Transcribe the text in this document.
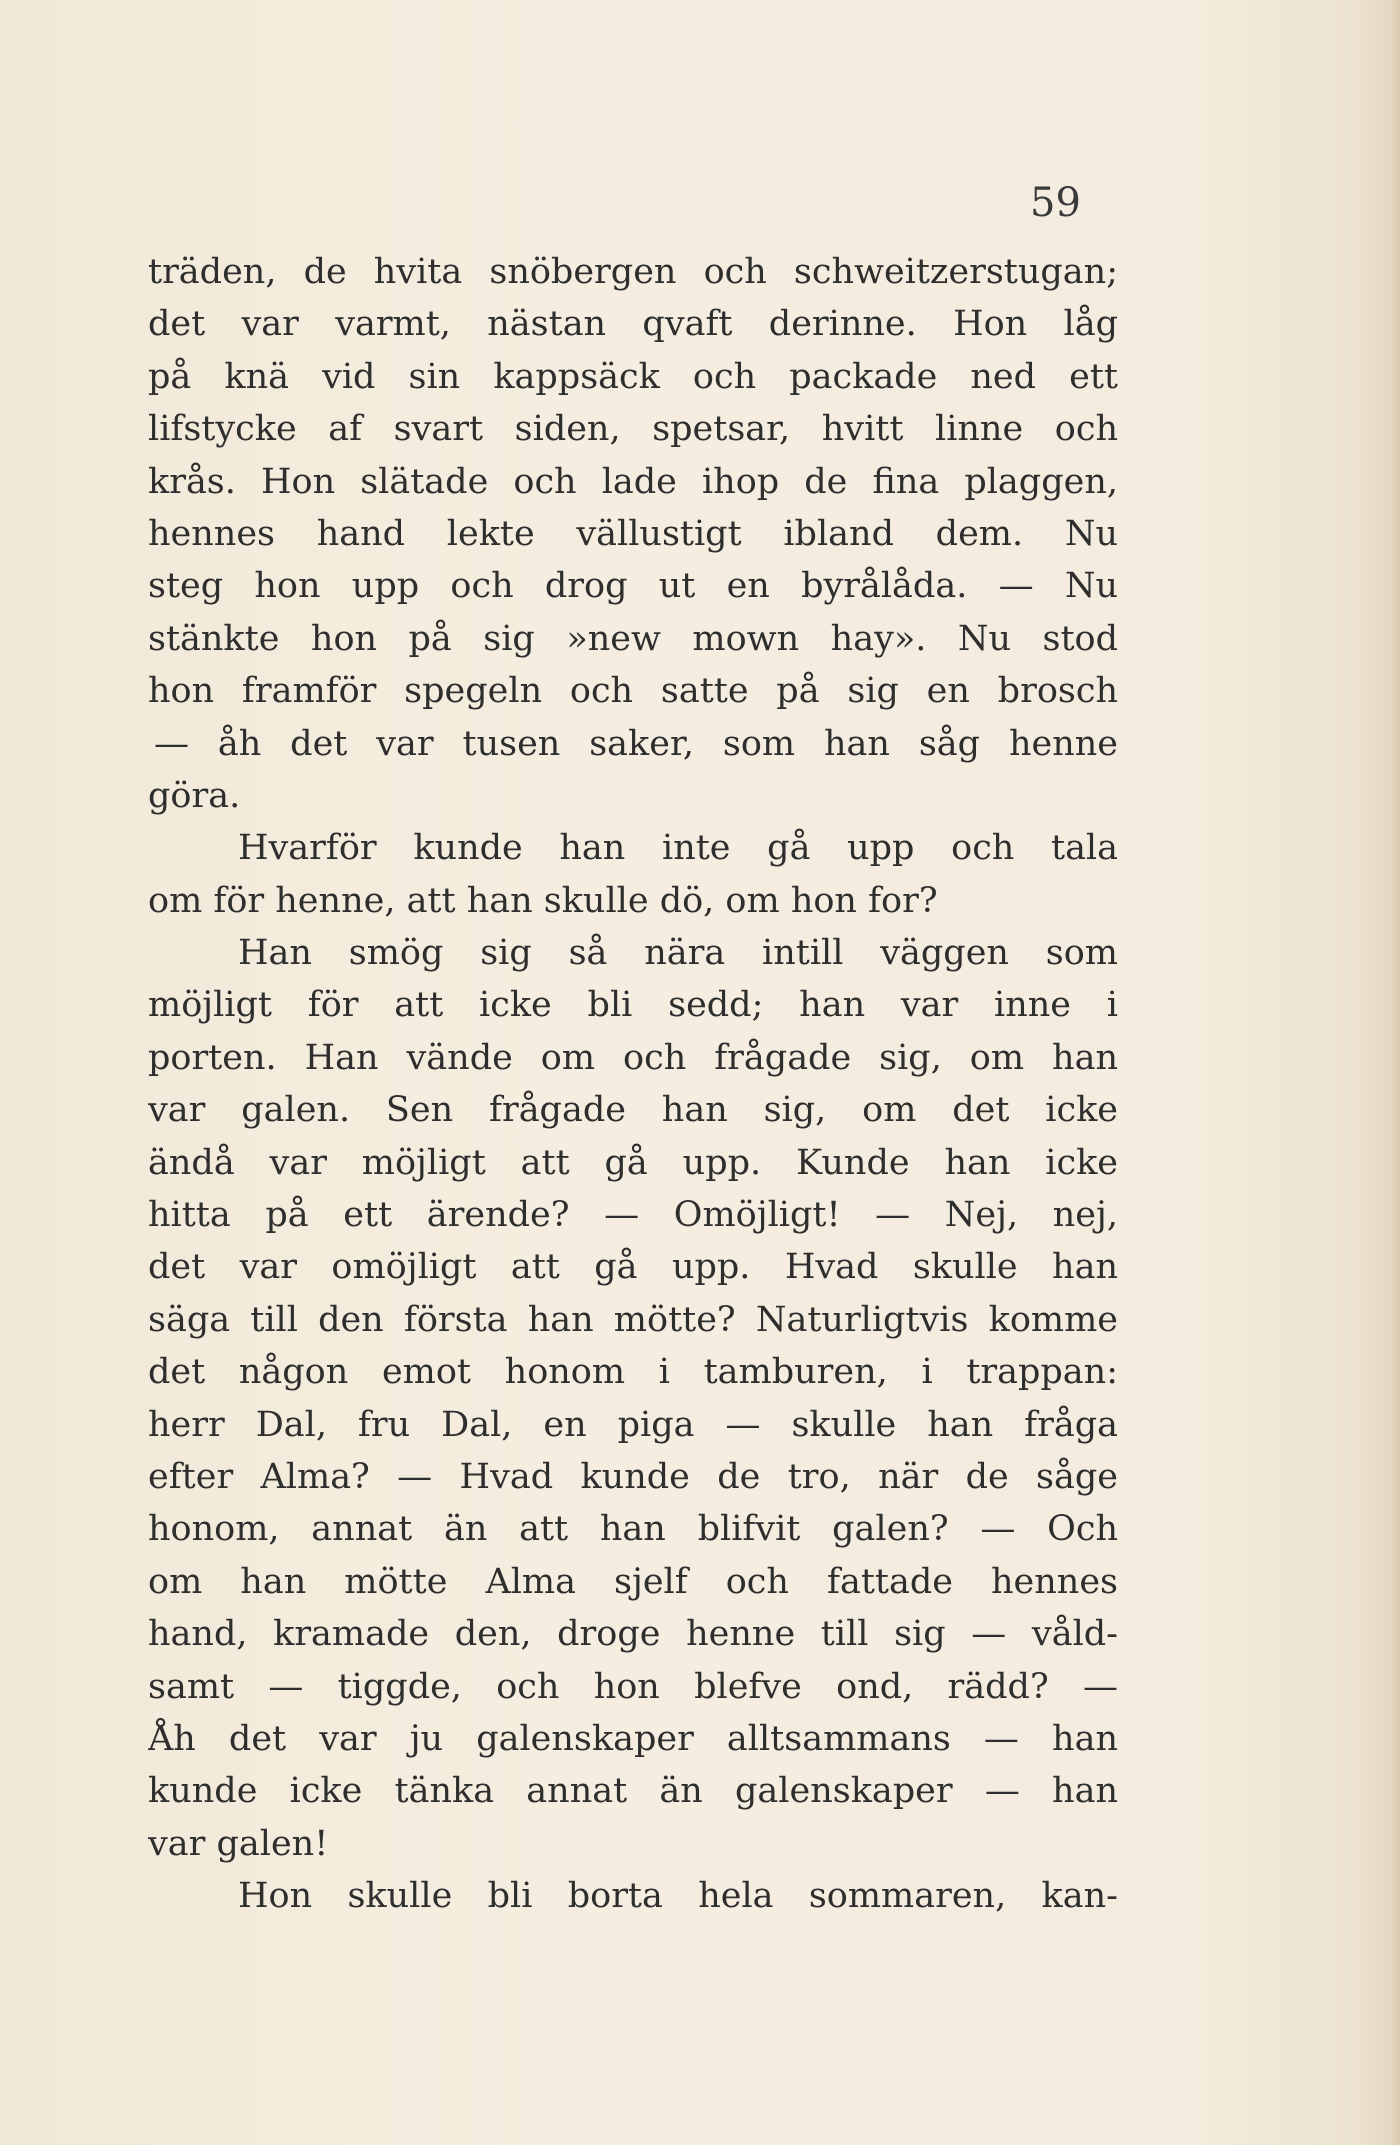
59
träden, de hvita snöbergen och schweitzerstugan;
det var varmt, nästan qvaft derinne. Hon låg
på knä vid sin kappsäck och packade ned ett
lifstycke af svart siden, spetsar, hvitt linne och
krås. Hon slätade och lade ihop de fina plaggen,
hennes hand lekte vällustigt ibland dem. Nu
steg hon upp och drog ut en byrålåda. — Nu
stänkte hon på sig »new mown hay». Nu stod
hon framför spegeln och satte på sig en brosch
— åh det var tusen saker, som han såg henne
göra.
Hvarför kunde han inte gå upp och tala
om för henne, att han skulle dö, om hon for?
Han smög sig så nära intill väggen som
möjligt för att icke bli sedd; han var inne i
porten. Han vände om och frågade sig, om han
var galen. Sen frågade han sig, om det icke
ändå var möjligt att gå upp. Kunde han icke
hitta på ett ärende? — Omöjligt! — Nej, nej,
det var omöjligt att gå upp. Hvad skulle han
säga till den första han mötte? Naturligtvis komme
det någon emot honom i tamburen, i trappan:
herr Dal, fru Dal, en piga — skulle han fråga
efter Alma? — Hvad kunde de tro, när de såge
honom, annat än att han blifvit galen? — Och
om han mötte Alma sjelf och fattade hennes
hand, kramade den, droge henne till sig — våld-
samt — tiggde, och hon blefve ond, rädd? —
Åh det var ju galenskaper alltsammans — han
kunde icke tänka annat än galenskaper — han
var galen!
Hon skulle bli borta hela sommaren, kan-
